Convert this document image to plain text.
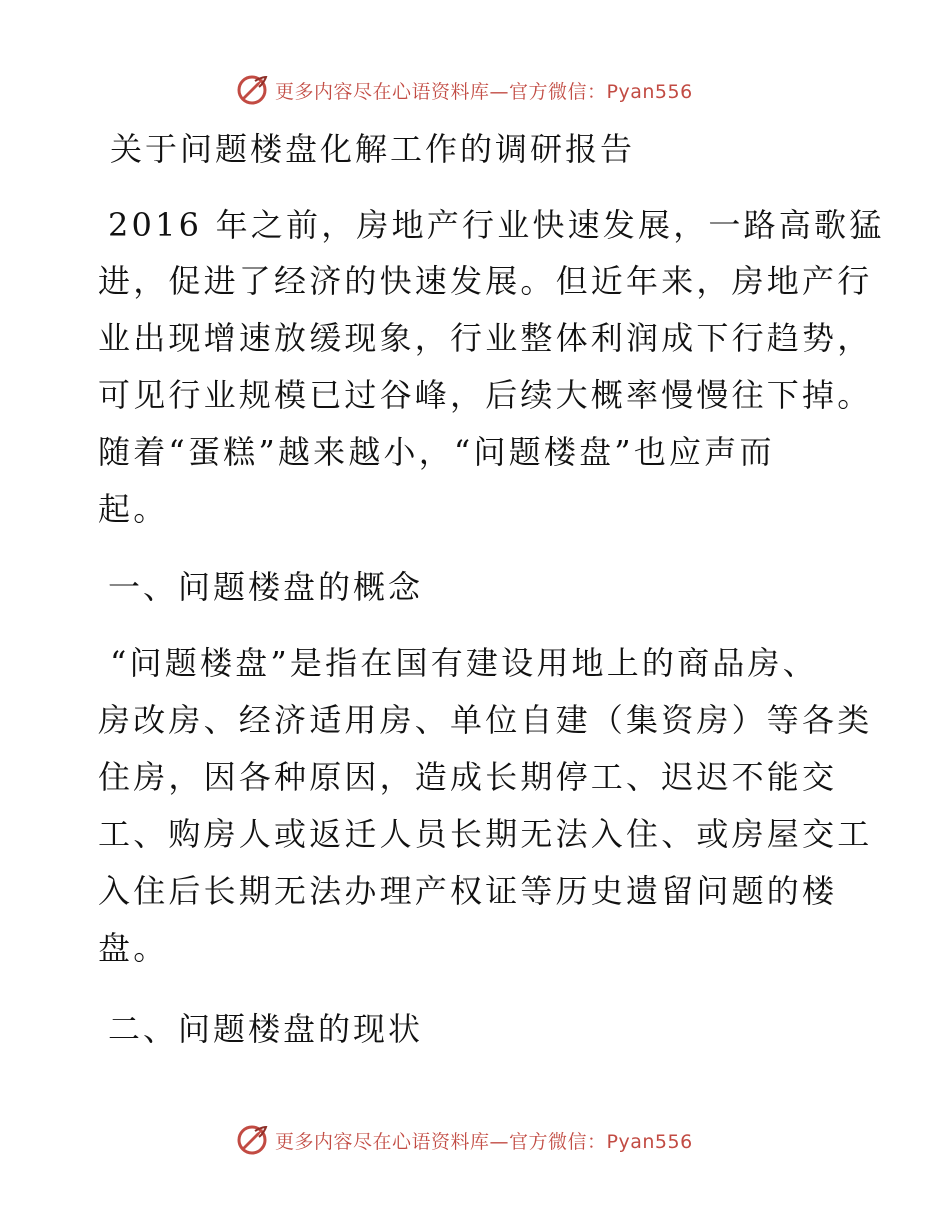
更多内容尽在心语资料库—官方微信：Pyan556
关于问题楼盘化解工作的调研报告

2016 年之前，房地产行业快速发展，一路高歌猛

进，促进了经济的快速发展。但近年来，房地产行

业出现增速放缓现象，行业整体利润成下行趋势，

可见行业规模已过谷峰，后续大概率慢慢往下掉。

随着“蛋糕”越来越小，“问题楼盘”也应声而

起。

一、问题楼盘的概念

“问题楼盘”是指在国有建设用地上的商品房、

房改房、经济适用房、单位自建（集资房）等各类

住房，因各种原因，造成长期停工、迟迟不能交

工、购房人或返迁人员长期无法入住、或房屋交工

入住后长期无法办理产权证等历史遗留问题的楼

盘。

二、问题楼盘的现状
更多内容尽在心语资料库—官方微信：Pyan556
